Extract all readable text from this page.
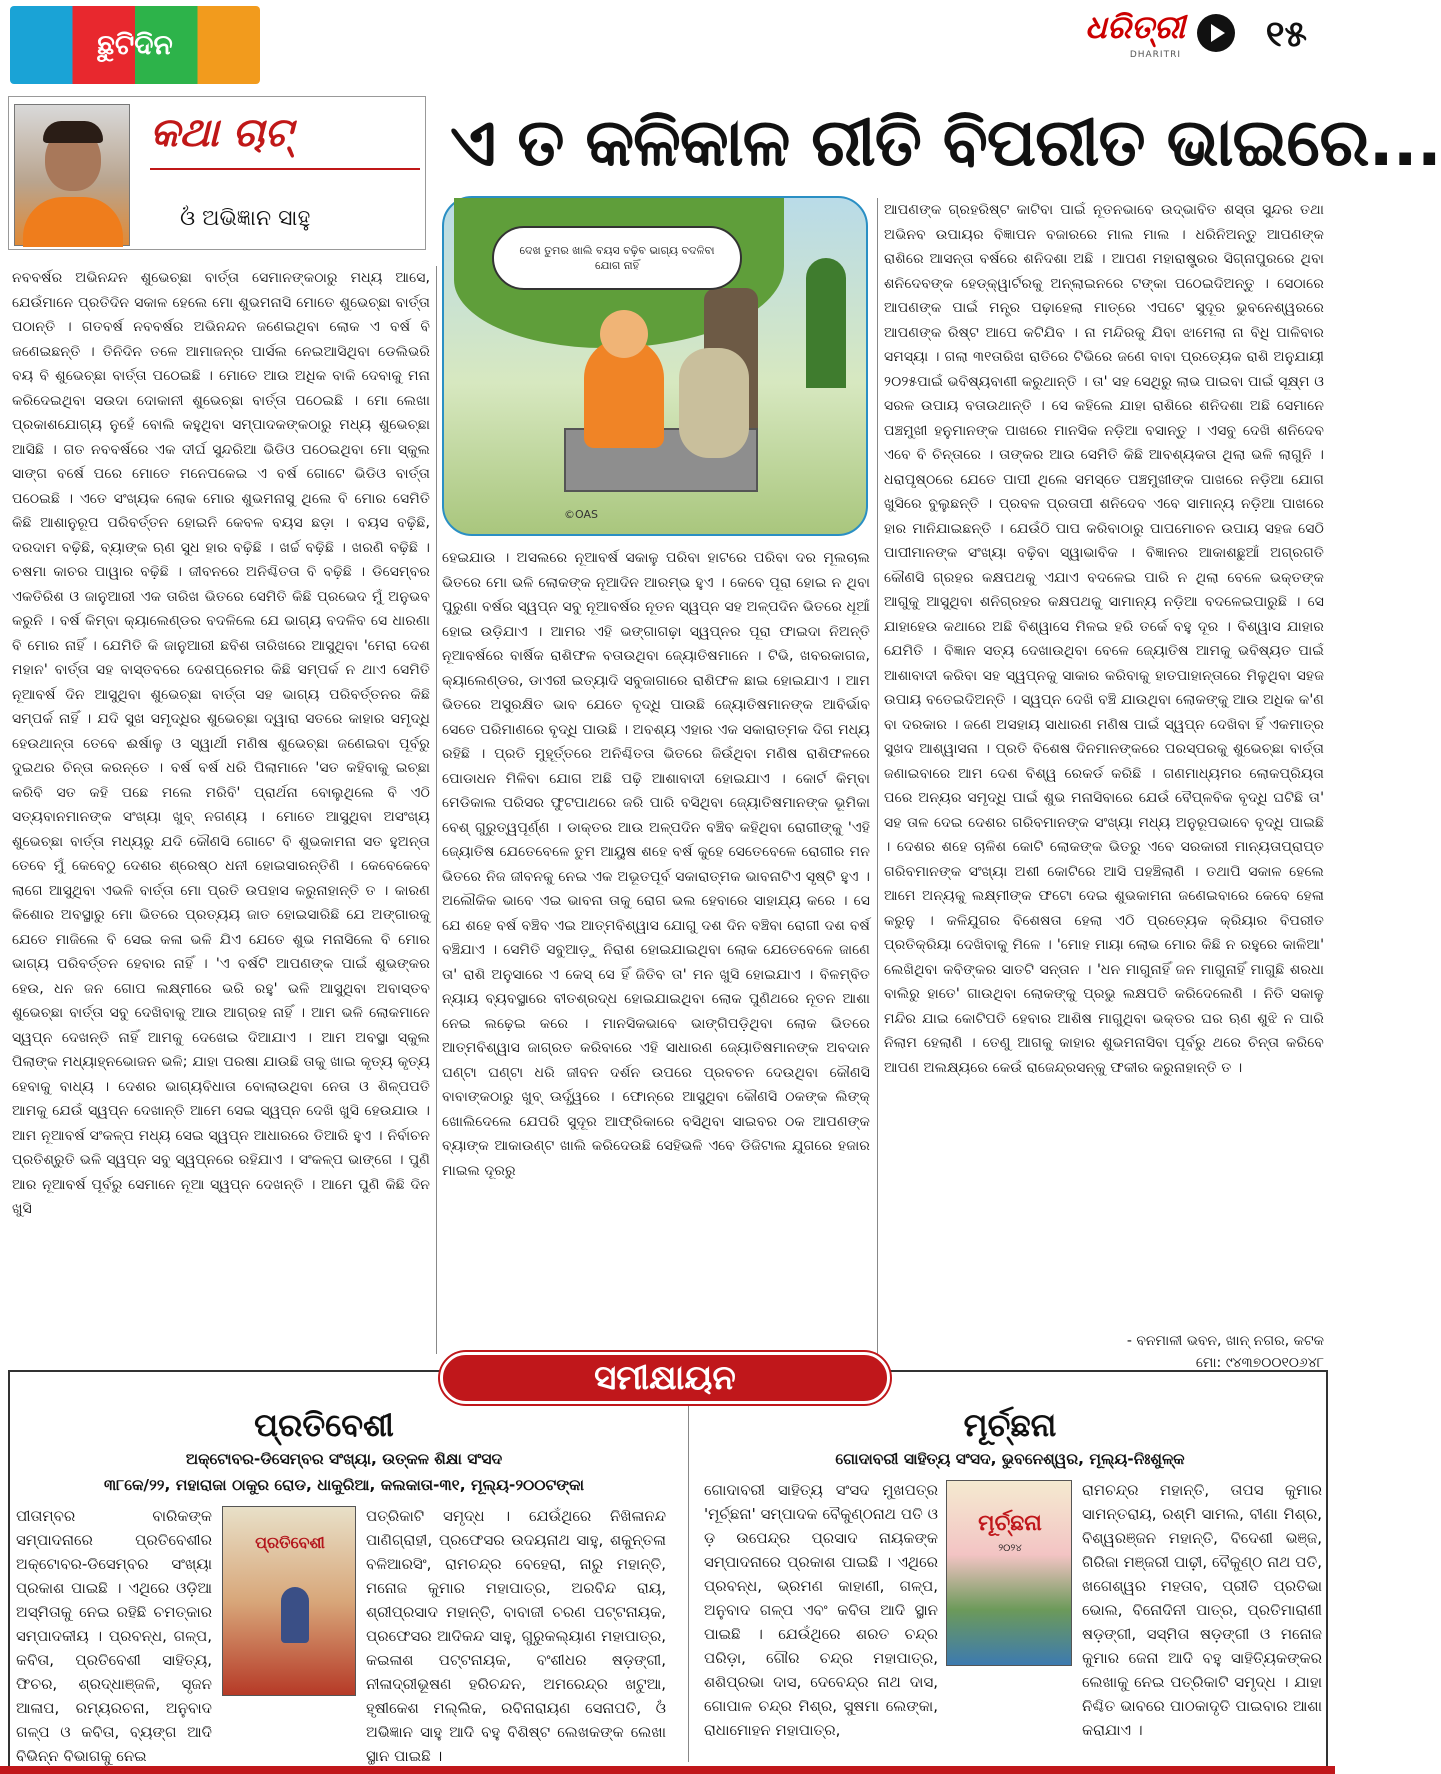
ଛୁଟିଦିନ	ଧରିତ୍ରୀ
DHARITRI ୧୫
କଥା ଚାଟ୍
ଓଁ ଅଭିଜ୍ଞାନ ସାହୁ
ଏ ତ କଳିକାଳ ରୀତି ବିପରୀତ ଭାଇରେ...
ଦେଖ ତୁମର ଖାଲି ବୟସ ବଢ଼ିବ ଭାଗ୍ୟ ବଦଳିବା ଯୋଗ ନାହିଁ
©OAS
ନବବର୍ଷର ଅଭିନନ୍ଦନ ଶୁଭେଚ୍ଛା ବାର୍ତ୍ତା ସେମାନଙ୍କଠାରୁ ମଧ୍ୟ ଆସେ, ଯେଉଁମାନେ ପ୍ରତିଦିନ ସକାଳ ହେଲେ ମୋ ଶୁଭମନାସି ମୋତେ ଶୁଭେଚ୍ଛା ବାର୍ତ୍ତା ପଠାନ୍ତି । ଗତବର୍ଷ ନବବର୍ଷର ଅଭିନନ୍ଦନ ଜଣେଇଥିବା ଲୋକ ଏ ବର୍ଷ ବି ଜଣେଇଛନ୍ତି । ତିନିଦିନ ତଳେ ଆମାଜନ୍‌ର ପାର୍ସଲ ନେଇଆସିଥିବା ଡେଲିଭରି ବୟ ବି ଶୁଭେଚ୍ଛା ବାର୍ତ୍ତା ପଠେଇଛି । ମୋତେ ଆଉ ଅଧିକ ବାକି ଦେବାକୁ ମନା କରିଦେଇଥିବା ସଉଦା ଦୋକାନୀ ଶୁଭେଚ୍ଛା ବାର୍ତ୍ତା ପଠେଇଛି । ମୋ ଲେଖା ପ୍ରକାଶଯୋଗ୍ୟ ନୁହେଁ ବୋଲି କହୁଥିବା ସମ୍ପାଦକଙ୍କଠାରୁ ମଧ୍ୟ ଶୁଭେଚ୍ଛା ଆସିଛି । ଗତ ନବବର୍ଷରେ ଏକ ଦୀର୍ଘ ସୁନ୍ଦରିଆ ଭିଡିଓ ପଠେଇଥିବା ମୋ ସ୍କୁଲ ସାଙ୍ଗ ବର୍ଷେ ପରେ ମୋତେ ମନେପକେଇ ଏ ବର୍ଷ ଗୋଟେ ଭିଡିଓ ବାର୍ତ୍ତା ପଠେଇଛି । ଏତେ ସଂଖ୍ୟକ ଲୋକ ମୋର ଶୁଭମନାସୁ ଥିଲେ ବି ମୋର ସେମିତି କିଛି ଆଶାନୁରୂପ ପରିବର୍ତ୍ତନ ହୋଇନି କେବଳ ବୟସ ଛଡ଼ା । ବୟସ ବଢ଼ିଛି, ଦରଦାମ ବଢ଼ିଛି, ବ୍ୟାଙ୍କ ଋଣ ସୁଧ ହାର ବଢ଼ିଛି । ଖର୍ଚ୍ଚ ବଢ଼ିଛି । ଖରଣି ବଢ଼ିଛି । ଚଷମା କାଚର ପାୱାର ବଢ଼ିଛି । ଜୀବନରେ ଅନିଶ୍ଚିତତା ବି ବଢ଼ିଛି । ଡିସେମ୍ବର ଏକତିରିଶ ଓ ଜାନୁଆରୀ ଏକ ତାରିଖ ଭିତରେ ସେମିତି କିଛି ପ୍ରଭେଦ ମୁଁ ଅନୁଭବ କରୁନି । ବର୍ଷ କିମ୍ବା କ୍ୟାଲେଣ୍ଡର ବଦଳିଲେ ଯେ ଭାଗ୍ୟ ବଦଳିବ ସେ ଧାରଣା ବି ମୋର ନାହିଁ । ଯେମିତି କି ଜାନୁଆରୀ ଛବିଶ ତାରିଖରେ ଆସୁଥିବା 'ମେରା ଦେଶ ମହାନ' ବାର୍ତ୍ତା ସହ ବାସ୍ତବରେ ଦେଶପ୍ରେମର କିଛି ସମ୍ପର୍କ ନ ଥାଏ ସେମିତି ନୂଆବର୍ଷ ଦିନ ଆସୁଥିବା ଶୁଭେଚ୍ଛା ବାର୍ତ୍ତା ସହ ଭାଗ୍ୟ ପରିବର୍ତ୍ତନର କିଛି ସମ୍ପର୍କ ନାହିଁ । ଯଦି ସୁଖ ସମୃଦ୍ଧିର ଶୁଭେଚ୍ଛା ଦ୍ୱାରା ସତରେ କାହାର ସମୃଦ୍ଧି ହେଉଥାନ୍ତା ତେବେ ଈର୍ଷାଳୁ ଓ ସ୍ୱାର୍ଥୀ ମଣିଷ ଶୁଭେଚ୍ଛା ଜଣେଇବା ପୂର୍ବରୁ ଦୁଇଥର ଚିନ୍ତା କରନ୍ତେ । ବର୍ଷ ବର୍ଷ ଧରି ପିଲାମାନେ 'ସତ କହିବାକୁ ଇଚ୍ଛା କରିବି ସତ କହି ପଛେ ମଲେ ମରିବି' ପ୍ରାର୍ଥନା ବୋଲୁଥିଲେ ବି ଏଠି ସତ୍ୟବାନମାନଙ୍କ ସଂଖ୍ୟା ଖୁବ୍ ନଗଣ୍ୟ । ମୋତେ ଆସୁଥିବା ଅସଂଖ୍ୟ ଶୁଭେଚ୍ଛା ବାର୍ତ୍ତା ମଧ୍ୟରୁ ଯଦି କୌଣସି ଗୋଟେ ବି ଶୁଭକାମନା ସତ ହୁଅନ୍ତା ତେବେ ମୁଁ କେବେଠୁ ଦେଶର ଶ୍ରେଷ୍ଠ ଧନୀ ହୋଇସାରନ୍ତିଣି । କେବେକେବେ ଲାଗେ ଆସୁଥିବା ଏଭଳି ବାର୍ତ୍ତା ମୋ ପ୍ରତି ଉପହାସ କରୁନାହାନ୍ତି ତ । କାରଣ କିଶୋର ଅବସ୍ଥାରୁ ମୋ ଭିତରେ ପ୍ରତ୍ୟୟ ଜାତ ହୋଇସାରିଛି ଯେ ଅଙ୍ଗାରକୁ ଯେତେ ମାଜିଲେ ବି ସେଇ କଳା ଭଳି ଯିଏ ଯେତେ ଶୁଭ ମନାସିଲେ ବି ମୋର ଭାଗ୍ୟ ପରିବର୍ତ୍ତନ ହେବାର ନାହିଁ । 'ଏ ବର୍ଷଟି ଆପଣଙ୍କ ପାଇଁ ଶୁଭଙ୍କର ହେଉ, ଧନ ଜନ ଗୋପ ଲକ୍ଷ୍ମୀରେ ଭରି ରହୁ' ଭଳି ଆସୁଥିବା ଅବାସ୍ତବ ଶୁଭେଚ୍ଛା ବାର୍ତ୍ତା ସବୁ ଦେଖିବାକୁ ଆଉ ଆଗ୍ରହ ନାହିଁ । ଆମ ଭଳି ଲୋକମାନେ ସ୍ୱପ୍ନ ଦେଖନ୍ତି ନାହିଁ ଆମକୁ ଦେଖେଇ ଦିଆଯାଏ । ଆମ ଅବସ୍ଥା ସ୍କୁଲ ପିଲାଙ୍କ ମଧ୍ୟାହ୍ନଭୋଜନ ଭଳି; ଯାହା ପରଷା ଯାଉଛି ତାକୁ ଖାଇ କୃତ୍ୟ କୃତ୍ୟ ହେବାକୁ ବାଧ୍ୟ । ଦେଶର ଭାଗ୍ୟବିଧାତା ବୋଲାଉଥିବା ନେତା ଓ ଶିଳ୍ପପତି ଆମକୁ ଯେଉଁ ସ୍ୱପ୍ନ ଦେଖାନ୍ତି ଆମେ ସେଇ ସ୍ୱପ୍ନ ଦେଖି ଖୁସି ହେଉଯାଉ । ଆମ ନୂଆବର୍ଷ ସଂକଳ୍ପ ମଧ୍ୟ ସେଇ ସ୍ୱପ୍ନ ଆଧାରରେ ତିଆରି ହୁଏ । ନିର୍ବାଚନ ପ୍ରତିଶ୍ରୁତି ଭଳି ସ୍ୱପ୍ନ ସବୁ ସ୍ୱପ୍ନରେ ରହିଯାଏ । ସଂକଳ୍ପ ଭାଙ୍ଗେ । ପୁଣି ଆର ନୂଆବର୍ଷ ପୂର୍ବରୁ ସେମାନେ ନୂଆ ସ୍ୱପ୍ନ ଦେଖନ୍ତି । ଆମେ ପୁଣି କିଛି ଦିନ ଖୁସି
ହେଇଯାଉ । ଅସଲରେ ନୂଆବର୍ଷ ସକାଳୁ ପରିବା ହାଟରେ ପରିବା ଦର ମୂଲଚାଲ ଭିତରେ ମୋ ଭଳି ଲୋକଙ୍କ ନୂଆଦିନ ଆରମ୍ଭ ହୁଏ । କେବେ ପୂରା ହୋଇ ନ ଥିବା ପୁରୁଣା ବର୍ଷର ସ୍ୱପ୍ନ ସବୁ ନୂଆବର୍ଷର ନୂତନ ସ୍ୱପ୍ନ ସହ ଅଳ୍ପଦିନ ଭିତରେ ଧୂଆଁ ହୋଇ ଉଡ଼ିଯାଏ । ଆମର ଏହି ଭଙ୍ଗାଗଢ଼ା ସ୍ୱପ୍ନର ପୂରା ଫାଇଦା ନିଅନ୍ତି ନୂଆବର୍ଷରେ ବାର୍ଷିକ ରାଶିଫଳ ବତାଉଥିବା ଜ୍ୟୋତିଷମାନେ । ଟିଭି, ଖବରକାଗଜ, କ୍ୟାଲେଣ୍ଡର, ଡାଏରୀ ଇତ୍ୟାଦି ସବୁଜାଗାରେ ରାଶିଫଳ ଛାଇ ହୋଇଯାଏ । ଆମ ଭିତରେ ଅସୁରକ୍ଷିତ ଭାବ ଯେତେ ବୃଦ୍ଧି ପାଉଛି ଜ୍ୟୋତିଷମାନଙ୍କ ଆବିର୍ଭାବ ସେତେ ପରିମାଣରେ ବୃଦ୍ଧି ପାଉଛି । ଅବଶ୍ୟ ଏହାର ଏକ ସକାରାତ୍ମକ ଦିଗ ମଧ୍ୟ ରହିଛି । ପ୍ରତି ମୁହୂର୍ତ୍ତରେ ଅନିଶ୍ଚିତତା ଭିତରେ ଜିଉଁଥିବା ମଣିଷ ରାଶିଫଳରେ ପୋଡାଧନ ମିଳିବା ଯୋଗ ଅଛି ପଢ଼ି ଆଶାବାଦୀ ହୋଇଯାଏ । କୋର୍ଟ କିମ୍ବା ମେଡିକାଲ ପରିସର ଫୁଟପାଥରେ ଜରି ପାରି ବସିଥିବା ଜ୍ୟୋତିଷମାନଙ୍କ ଭୂମିକା ବେଶ୍ ଗୁରୁତ୍ୱପୂର୍ଣ୍ଣ । ଡାକ୍ତର ଆଉ ଅଳ୍ପଦିନ ବଞ୍ଚିବ କହିଥିବା ରୋଗୀଙ୍କୁ 'ଏହି ଜ୍ୟୋତିଷ ଯେତେବେଳେ ତୁମ ଆୟୁଷ ଶହେ ବର୍ଷ କୁହେ ସେତେବେଳେ ରୋଗୀର ମନ ଭିତରେ ନିଜ ଜୀବନକୁ ନେଇ ଏକ ଅଭୂତପୂର୍ବ ସକାରାତ୍ମକ ଭାବନାଟିଏ ସୃଷ୍ଟି ହୁଏ । ଅଲୌକିକ ଭାବେ ଏଇ ଭାବନା ତାକୁ ରୋଗ ଭଲ ହେବାରେ ସାହାଯ୍ୟ କରେ । ସେ ଯେ ଶହେ ବର୍ଷ ବଞ୍ଚିବ ଏଇ ଆତ୍ମବିଶ୍ୱାସ ଯୋଗୁ ଦଶ ଦିନ ବଞ୍ଚିବା ରୋଗୀ ଦଶ ବର୍ଷ ବଞ୍ଚିଯାଏ । ସେମିତି ସବୁଆଡ଼ୁ ନିରାଶ ହୋଇଯାଇଥିବା ଲୋକ ଯେତେବେଳେ ଜାଣେ ତା' ରାଶି ଅନୁସାରେ ଏ କେସ୍ ସେ ହିଁ ଜିତିବ ତା' ମନ ଖୁସି ହୋଇଯାଏ । ବିଳମ୍ବିତ ନ୍ୟାୟ ବ୍ୟବସ୍ଥାରେ ବୀତଶ୍ରଦ୍ଧ ହୋଇଯାଇଥିବା ଲୋକ ପୁଣିଥରେ ନୂତନ ଆଶା ନେଇ ଲଢ଼େଇ କରେ । ମାନସିକଭାବେ ଭାଙ୍ଗିପଡ଼ିଥିବା ଲୋକ ଭିତରେ ଆତ୍ମବିଶ୍ୱାସ ଜାଗ୍ରତ କରିବାରେ ଏହି ସାଧାରଣ ଜ୍ୟୋତିଷମାନଙ୍କ ଅବଦାନ ଘଣ୍ଟା ଘଣ୍ଟା ଧରି ଜୀବନ ଦର୍ଶନ ଉପରେ ପ୍ରବଚନ ଦେଉଥିବା କୌଣସି ବାବାଙ୍କଠାରୁ ଖୁବ୍ ଊର୍ଦ୍ଧ୍ୱରେ । ଫୋନ୍‌ରେ ଆସୁଥିବା କୌଣସି ଠକଙ୍କ ଲିଙ୍କ୍ ଖୋଲିଦେଲେ ଯେପରି ସୁଦୂର ଆଫ୍ରିକାରେ ବସିଥିବା ସାଇବର ଠକ ଆପଣଙ୍କ ବ୍ୟାଙ୍କ ଆକାଉଣ୍ଟ ଖାଲି କରିଦେଉଛି ସେହିଭଳି ଏବେ ଡିଜିଟାଲ ଯୁଗରେ ହଜାର ମାଇଲ ଦୂରରୁ
ଆପଣଙ୍କ ଗ୍ରହରିଷ୍ଟ କାଟିବା ପାଇଁ ନୂତନଭାବେ ଉଦ୍ଭାବିତ ଶସ୍ତା ସୁନ୍ଦର ତଥା ଅଭିନବ ଉପାୟର ବିଜ୍ଞାପନ ବଜାରରେ ମାଲ ମାଲ । ଧରିନିଅନ୍ତୁ ଆପଣଙ୍କ ରାଶିରେ ଆସନ୍ତା ବର୍ଷରେ ଶନିଦଶା ଅଛି । ଆପଣ ମହାରାଷ୍ଟ୍ରର ସିଗ୍ନାପୁରରେ ଥିବା ଶନିଦେବଙ୍କ ହେଡ୍‌କ୍ୱାର୍ଟରକୁ ଅନ୍‌ଲାଇନରେ ଟଙ୍କା ପଠେଇଦିଅନ୍ତୁ । ସେଠାରେ ଆପଣଙ୍କ ପାଇଁ ମନ୍ତ୍ର ପଢ଼ାହେଲା ମାତ୍ରେ ଏପଟେ ସୁଦୂର ଭୁବନେଶ୍ୱରରେ ଆପଣଙ୍କ ରିଷ୍ଟ ଆପେ କଟିଯିବ । ନା ମନ୍ଦିରକୁ ଯିବା ଝାମେଲା ନା ବିଧି ପାଳିବାର ସମସ୍ୟା । ଗଲା ୩୧ତାରିଖ ରାତିରେ ଟିଭିରେ ଜଣେ ବାବା ପ୍ରତ୍ୟେକ ରାଶି ଅନୁଯାୟୀ ୨୦୨୫ପାଇଁ ଭବିଷ୍ୟବାଣୀ କରୁଥାନ୍ତି । ତା' ସହ ସେଥିରୁ ଲାଭ ପାଇବା ପାଇଁ ସୂକ୍ଷ୍ମ ଓ ସରଳ ଉପାୟ ବତାଉଥାନ୍ତି । ସେ କହିଲେ ଯାହା ରାଶିରେ ଶନିଦଶା ଅଛି ସେମାନେ ପଞ୍ଚମୁଖୀ ହନୁମାନଙ୍କ ପାଖରେ ମାନସିକ ନଡ଼ିଆ ବସାନ୍ତୁ । ଏସବୁ ଦେଖି ଶନିଦେବ ଏବେ ବି ଚିନ୍ତାରେ । ତାଙ୍କର ଆଉ ସେମିତି କିଛି ଆବଶ୍ୟକତା ଥିଲା ଭଳି ଲାଗୁନି । ଧରାପୃଷ୍ଠରେ ଯେତେ ପାପୀ ଥିଲେ ସମସ୍ତେ ପଞ୍ଚମୁଖୀଙ୍କ ପାଖରେ ନଡ଼ିଆ ଯୋଗ ଖୁସିରେ ବୁଲୁଛନ୍ତି । ପ୍ରବଳ ପ୍ରତାପୀ ଶନିଦେବ ଏବେ ସାମାନ୍ୟ ନଡ଼ିଆ ପାଖରେ ହାର ମାନିଯାଇଛନ୍ତି । ଯେଉଁଠି ପାପ କରିବାଠାରୁ ପାପମୋଚନ ଉପାୟ ସହଜ ସେଠି ପାପୀମାନଙ୍କ ସଂଖ୍ୟା ବଢ଼ିବା ସ୍ୱାଭାବିକ । ବିଜ୍ଞାନର ଆକାଶଛୁଆଁ ଅଗ୍ରଗତି କୌଣସି ଗ୍ରହର କକ୍ଷପଥକୁ ଏଯାଏ ବଦଳେଇ ପାରି ନ ଥିଲା ବେଳେ ଭକ୍ତଙ୍କ ଆଗୁକୁ ଆସୁଥିବା ଶନିଗ୍ରହର କକ୍ଷପଥକୁ ସାମାନ୍ୟ ନଡ଼ିଆ ବଦଳେଇପାରୁଛି । ସେ ଯାହାହେଉ କଥାରେ ଅଛି ବିଶ୍ୱାସେ ମିଳଇ ହରି ତର୍କେ ବହୁ ଦୂର । ବିଶ୍ୱାସ ଯାହାର ଯେମିତି । ବିଜ୍ଞାନ ସତ୍ୟ ଦେଖାଉଥିବା ବେଳେ ଜ୍ୟୋତିଷ ଆମକୁ ଭବିଷ୍ୟତ ପାଇଁ ଆଶାବାଦୀ କରିବା ସହ ସ୍ୱପ୍ନକୁ ସାକାର କରିବାକୁ ହାତପାହାନ୍ତାରେ ମିଳୁଥିବା ସହଜ ଉପାୟ ବତେଇଦିଅନ୍ତି । ସ୍ୱପ୍ନ ଦେଖି ବଞ୍ଚି ଯାଉଥିବା ଲୋକଙ୍କୁ ଆଉ ଅଧିକ କ'ଣ ବା ଦରକାର । ଜଣେ ଅସହାୟ ସାଧାରଣ ମଣିଷ ପାଇଁ ସ୍ୱପ୍ନ ଦେଖିବା ହିଁ ଏକମାତ୍ର ସୁଖଦ ଆଶ୍ୱାସନା । ପ୍ରତି ବିଶେଷ ଦିନମାନଙ୍କରେ ପରସ୍ପରକୁ ଶୁଭେଚ୍ଛା ବାର୍ତ୍ତା ଜଣାଇବାରେ ଆମ ଦେଶ ବିଶ୍ୱ ରେକର୍ଡ କରିଛି । ଗଣମାଧ୍ୟମର ଲୋକପ୍ରିୟତା ପରେ ଅନ୍ୟର ସମୃଦ୍ଧି ପାଇଁ ଶୁଭ ମନାସିବାରେ ଯେଉଁ ବୈପ୍ଳବିକ ବୃଦ୍ଧି ଘଟିଛି ତା' ସହ ତାଳ ଦେଇ ଦେଶର ଗରିବମାନଙ୍କ ସଂଖ୍ୟା ମଧ୍ୟ ଅନୁରୂପଭାବେ ବୃଦ୍ଧି ପାଇଛି । ଦେଶର ଶହେ ଚାଳିଶ କୋଟି ଲୋକଙ୍କ ଭିତରୁ ଏବେ ସରକାରୀ ମାନ୍ୟତାପ୍ରାପ୍ତ ଗରିବମାନଙ୍କ ସଂଖ୍ୟା ଅଶୀ କୋଟିରେ ଆସି ପହଞ୍ଚିଲାଣି । ତଥାପି ସକାଳ ହେଲେ ଆମେ ଅନ୍ୟକୁ ଲକ୍ଷ୍ମୀଙ୍କ ଫଟୋ ଦେଇ ଶୁଭକାମନା ଜଣେଇବାରେ କେବେ ହେଳା କରୁନୁ । କଳିଯୁଗର ବିଶେଷତା ହେଲା ଏଠି ପ୍ରତ୍ୟେକ କ୍ରିୟାର ବିପରୀତ ପ୍ରତିକ୍ରିୟା ଦେଖିବାକୁ ମିଳେ । 'ମୋହ ମାୟା ଲୋଭ ମୋର କିଛି ନ ରହୁରେ କାଳିଆ' ଲେଖିଥିବା କବିଙ୍କର ସାତଟି ସନ୍ତାନ । 'ଧନ ମାଗୁନାହିଁ ଜନ ମାଗୁନାହିଁ ମାଗୁଛି ଶରଧା ବାଲିରୁ ହାତେ' ଗାଉଥିବା ଲୋକଙ୍କୁ ପ୍ରଭୁ ଲକ୍ଷପତି କରିଦେଲେଣି । ନିତି ସକାଳୁ ମନ୍ଦିର ଯାଇ କୋଟିପତି ହେବାର ଆଶିଷ ମାଗୁଥିବା ଭକ୍ତର ଘର ଋଣ ଶୁଝି ନ ପାରି ନିଲାମ ହେଲାଣି । ତେଣୁ ଆଗକୁ କାହାର ଶୁଭମନାସିବା ପୂର୍ବରୁ ଥରେ ଚିନ୍ତା କରିବେ ଆପଣ ଅଲକ୍ଷ୍ୟରେ କେଉଁ ରାଜେନ୍ଦ୍ରସନ୍‌କୁ ଫକୀର କରୁନାହାନ୍ତି ତ ।
- ବନମାଳୀ ଭବନ, ଖାନ୍ ନଗର, କଟକ
ମୋ: ୯୪୩୭୦୦୧୦୬୪୮
ସମୀକ୍ଷାୟନ
ପ୍ରତିବେଶୀ	ମୂର୍ଚ୍ଛନା
ଅକ୍ଟୋବର-ଡିସେମ୍ବର ସଂଖ୍ୟା, ଉତ୍କଳ ଶିକ୍ଷା ସଂସଦ
୩୮କେ/୨୨, ମହାରାଜା ଠାକୁର ରୋଡ, ଧାକୁରିଆ, କଲକାତା-୩୧, ମୂଲ୍ୟ-୨୦୦ଟଙ୍କା
ଗୋଦାବରୀ ସାହିତ୍ୟ ସଂସଦ, ଭୁବନେଶ୍ୱର, ମୂଲ୍ୟ-ନିଃଶୁଳ୍କ
ପୀତାମ୍ବର ବାରିକଙ୍କ ସମ୍ପାଦନାରେ ପ୍ରତିବେଶୀର ଅକ୍ଟୋବର-ଡିସେମ୍ବର ସଂଖ୍ୟା ପ୍ରକାଶ ପାଇଛି । ଏଥିରେ ଓଡ଼ିଆ ଅସ୍ମିତାକୁ ନେଇ ରହିଛି ଚମତ୍କାର ସମ୍ପାଦକୀୟ । ପ୍ରବନ୍ଧ, ଗଳ୍ପ, କବିତା, ପ୍ରତିବେଶୀ ସାହିତ୍ୟ, ଫିଚର, ଶ୍ରଦ୍ଧାଞ୍ଜଳି, ସୃଜନ ଆଳାପ, ରମ୍ୟରଚନା, ଅନୁବାଦ ଗଳ୍ପ ଓ କବିତା, ବ୍ୟଙ୍ଗ ଆଦି ବିଭିନ୍ନ ବିଭାଗକୁ ନେଇ
ପ୍ରତିବେଶୀ
ପତ୍ରିକାଟି ସମୃଦ୍ଧ । ଯେଉଁଥିରେ ନିଖିଳାନନ୍ଦ ପାଣିଗ୍ରାହୀ, ପ୍ରଫେସର ଉଦୟନାଥ ସାହୁ, ଶକୁନ୍ତଳା ବଳିଆରସିଂ, ରାମଚନ୍ଦ୍ର ବେହେରା, ନାରୁ ମହାନ୍ତି, ମନୋଜ କୁମାର ମହାପାତ୍ର, ଅରବିନ୍ଦ ରାୟ, ଶ୍ରୀପ୍ରସାଦ ମହାନ୍ତି, ବାବାଜୀ ଚରଣ ପଟ୍ଟନାୟକ, ପ୍ରଫେସର ଆଦିକନ୍ଦ ସାହୁ, ଗୁରୁକଲ୍ୟାଣ ମହାପାତ୍ର, କଇଳାଶ ପଟ୍ଟନାୟକ, ବଂଶୀଧର ଷଡ଼ଙ୍ଗୀ, ନୀଳାଦ୍ରୀଭୂଷଣ ହରିଚନ୍ଦନ, ଅମରେନ୍ଦ୍ର ଖଟୁଆ, ହୃଷୀକେଶ ମଲ୍ଲିକ, ରବିନାରାୟଣ ସେନାପତି, ଓଁ ଅଭିଜ୍ଞାନ ସାହୁ ଆଦି ବହୁ ବିଶିଷ୍ଟ ଲେଖକଙ୍କ ଲେଖା ସ୍ଥାନ ପାଇଛି ।
ଗୋଦାବରୀ ସାହିତ୍ୟ ସଂସଦ ମୁଖପତ୍ର 'ମୂର୍ଚ୍ଛନା' ସମ୍ପାଦକ ବୈକୁଣ୍ଠନାଥ ପତି ଓ ଡ଼ ଉପେନ୍ଦ୍ର ପ୍ରସାଦ ନାୟକଙ୍କ ସମ୍ପାଦନାରେ ପ୍ରକାଶ ପାଇଛି । ଏଥିରେ ପ୍ରବନ୍ଧ, ଭ୍ରମଣ କାହାଣୀ, ଗଳ୍ପ, ଅନୁବାଦ ଗଳ୍ପ ଏବଂ କବିତା ଆଦି ସ୍ଥାନ ପାଇଛି । ଯେଉଁଥିରେ ଶରତ ଚନ୍ଦ୍ର ପରିଡ଼ା, ଗୌର ଚନ୍ଦ୍ର ମହାପାତ୍ର, ଶଶିପ୍ରଭା ଦାସ, ଦେବେନ୍ଦ୍ର ନାଥ ଦାସ, ଗୋପାଳ ଚନ୍ଦ୍ର ମିଶ୍ର, ସୁଷମା ଲେଙ୍କା, ରାଧାମୋହନ ମହାପାତ୍ର,
ମୂର୍ଚ୍ଛନା
୨୦୨୪
ରାମଚନ୍ଦ୍ର ମହାନ୍ତି, ତାପସ କୁମାର ସାମନ୍ତରାୟ, ରଶ୍ମି ସାମଲ, ବୀଣା ମିଶ୍ର, ବିଶ୍ୱରଞ୍ଜନ ମହାନ୍ତି, ବିଦେଶୀ ଭଞ୍ଜ, ଗିରିଜା ମଞ୍ଜରୀ ପାଢ଼ୀ, ବୈକୁଣ୍ଠ ନାଥ ପତି, ଖଗେଶ୍ୱର ମହତାବ, ପ୍ରୀତି ପ୍ରତିଭା ଭୋଲ, ବିନୋଦିନୀ ପାତ୍ର, ପ୍ରତିମାରାଣୀ ଷଡ଼ଙ୍ଗୀ, ସସ୍ମିତା ଷଡ଼ଙ୍ଗୀ ଓ ମନୋଜ କୁମାର ଜେନା ଆଦି ବହୁ ସାହିତ୍ୟିକଙ୍କର ଲେଖାକୁ ନେଇ ପତ୍ରିକାଟି ସମୃଦ୍ଧ । ଯାହା ନିଶ୍ଚିତ ଭାବରେ ପାଠକାଦୃତି ପାଇବାର ଆଶା କରାଯାଏ ।
